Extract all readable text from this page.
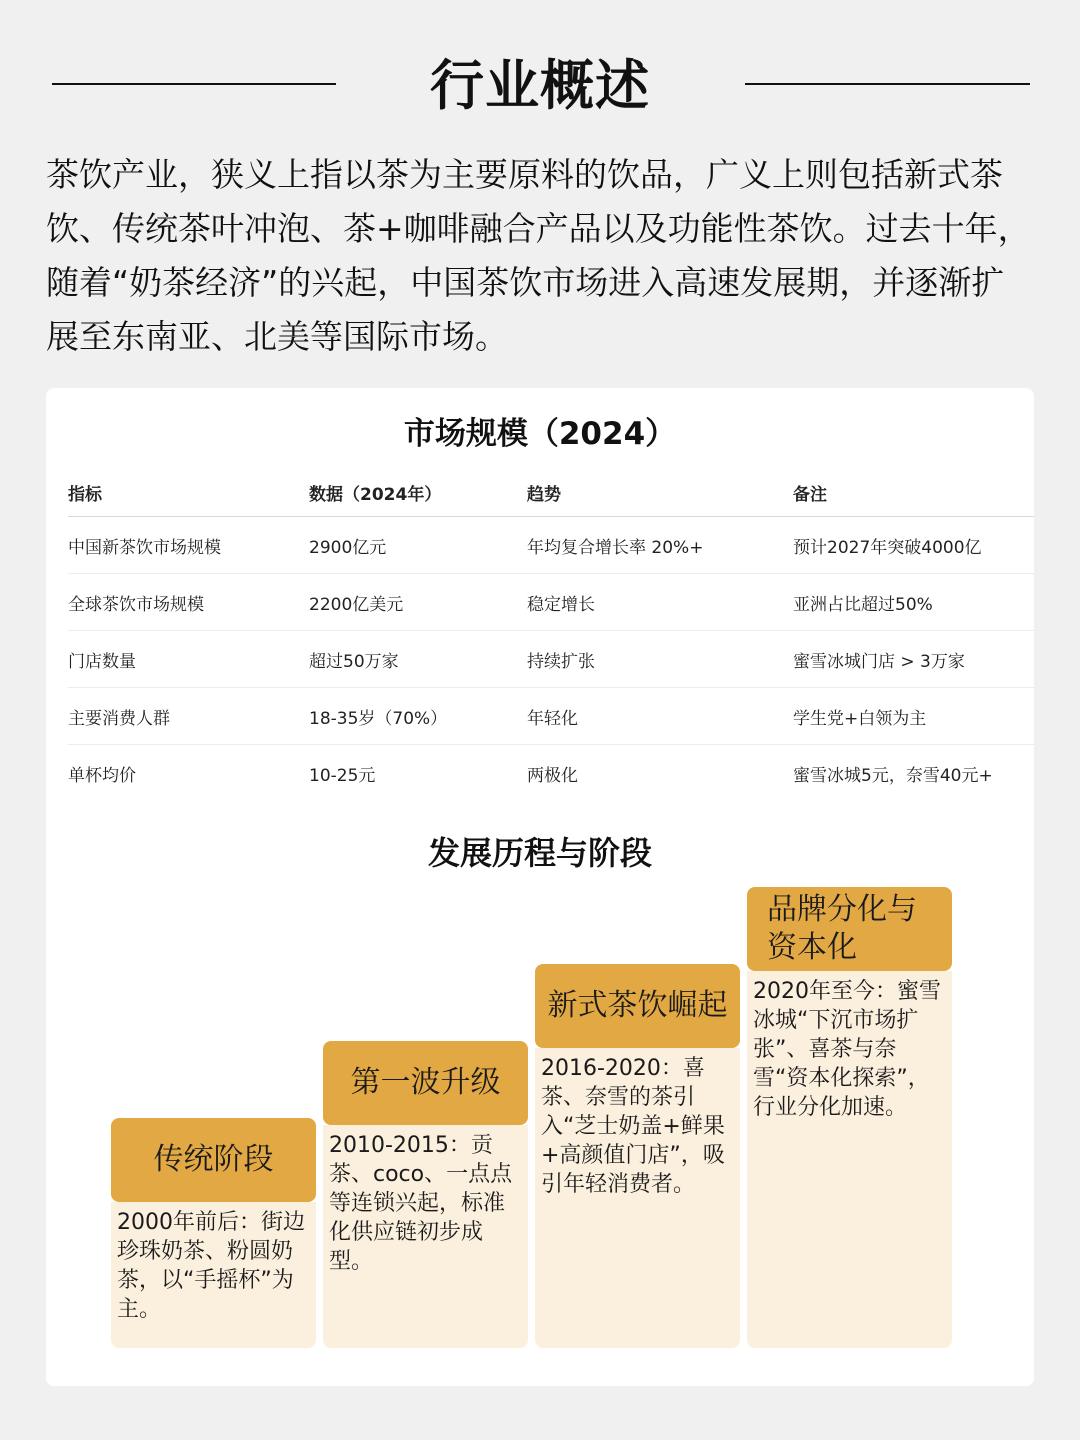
行业概述

茶饮产业，狭义上指以茶为主要原料的饮品，广义上则包括新式茶饮、传统茶叶冲泡、茶+咖啡融合产品以及功能性茶饮。过去十年，随着“奶茶经济”的兴起，中国茶饮市场进入高速发展期，并逐渐扩展至东南亚、北美等国际市场。

市场规模（2024）
指标	数据（2024年）	趋势	备注
中国新茶饮市场规模	2900亿元	年均复合增长率 20%+	预计2027年突破4000亿
全球茶饮市场规模	2200亿美元	稳定增长	亚洲占比超过50%
门店数量	超过50万家	持续扩张	蜜雪冰城门店 > 3万家
主要消费人群	18-35岁（70%）	年轻化	学生党+白领为主
单杯均价	10-25元	两极化	蜜雪冰城5元，奈雪40元+
发展历程与阶段
传统阶段
2000年前后：街边珍珠奶茶、粉圆奶茶，以“手摇杯”为主。
第一波升级
2010-2015：贡茶、coco、一点点等连锁兴起，标准化供应链初步成型。
新式茶饮崛起
2016-2020：喜茶、奈雪的茶引入“芝士奶盖+鲜果+高颜值门店”，吸引年轻消费者。
品牌分化与资本化
2020年至今：蜜雪冰城“下沉市场扩张”、喜茶与奈雪“资本化探索”，行业分化加速。
